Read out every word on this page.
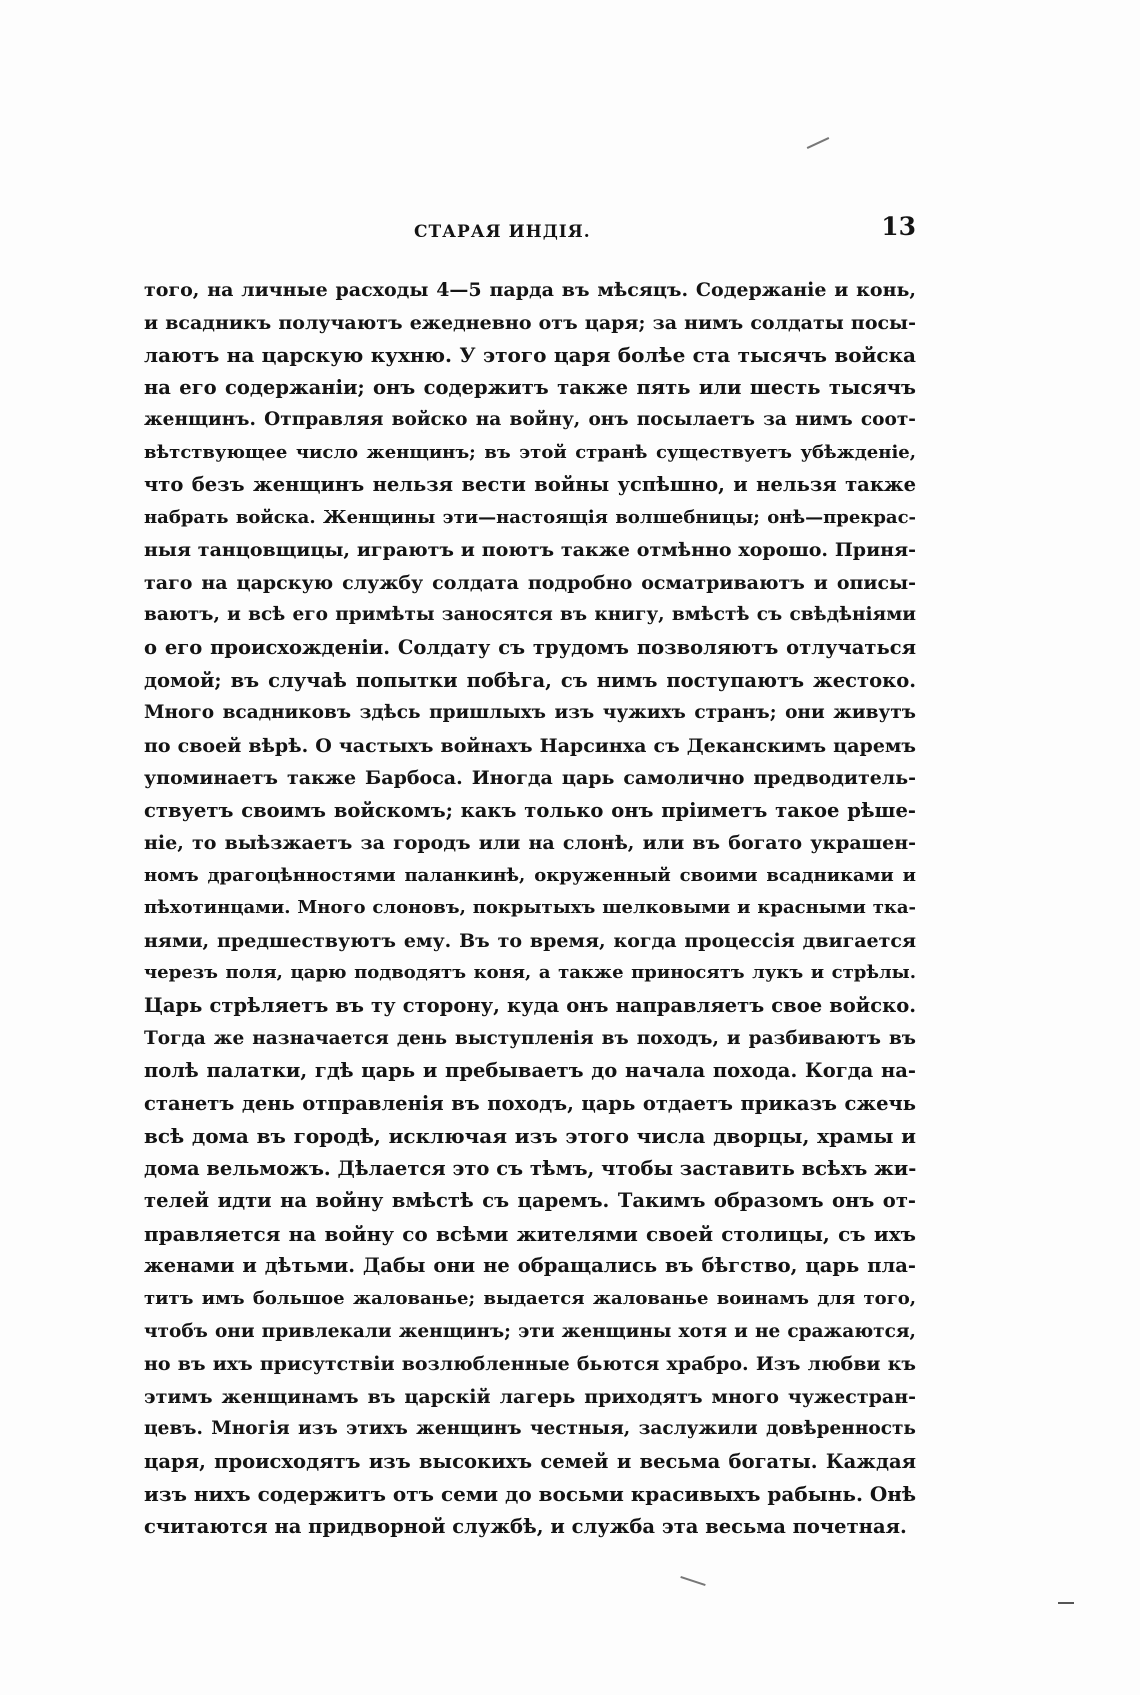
СТАРАЯ ИНДІЯ.	13
того, на личные расходы 4—5 парда въ мѣсяцъ. Содержаніе и конь,
и всадникъ получаютъ ежедневно отъ царя; за нимъ солдаты посы-
лаютъ на царскую кухню. У этого царя болѣе ста тысячъ войска
на его содержаніи; онъ содержитъ также пять или шесть тысячъ
женщинъ. Отправляя войско на войну, онъ посылаетъ за нимъ соот-
вѣтствующее число женщинъ; въ этой странѣ существуетъ убѣжденіе,
что безъ женщинъ нельзя вести войны успѣшно, и нельзя также
набрать войска. Женщины эти—настоящія волшебницы; онѣ—прекрас-
ныя танцовщицы, играютъ и поютъ также отмѣнно хорошо. Приня-
таго на царскую службу солдата подробно осматриваютъ и описы-
ваютъ, и всѣ его примѣты заносятся въ книгу, вмѣстѣ съ свѣдѣніями
о его происхожденіи. Солдату съ трудомъ позволяютъ отлучаться
домой; въ случаѣ попытки побѣга, съ нимъ поступаютъ жестоко.
Много всадниковъ здѣсь пришлыхъ изъ чужихъ странъ; они живутъ
по своей вѣрѣ. О частыхъ войнахъ Нарсинха съ Деканскимъ царемъ
упоминаетъ также Барбоса. Иногда царь самолично предводитель-
ствуетъ своимъ войскомъ; какъ только онъ пріиметъ такое рѣше-
ніе, то выѣзжаетъ за городъ или на слонѣ, или въ богато украшен-
номъ драгоцѣнностями паланкинѣ, окруженный своими всадниками и
пѣхотинцами. Много слоновъ, покрытыхъ шелковыми и красными тка-
нями, предшествуютъ ему. Въ то время, когда процессія двигается
черезъ поля, царю подводятъ коня, а также приносятъ лукъ и стрѣлы.
Царь стрѣляетъ въ ту сторону, куда онъ направляетъ свое войско.
Тогда же назначается день выступленія въ походъ, и разбиваютъ въ
полѣ палатки, гдѣ царь и пребываетъ до начала похода. Когда на-
станетъ день отправленія въ походъ, царь отдаетъ приказъ сжечь
всѣ дома въ городѣ, исключая изъ этого числа дворцы, храмы и
дома вельможъ. Дѣлается это съ тѣмъ, чтобы заставить всѣхъ жи-
телей идти на войну вмѣстѣ съ царемъ. Такимъ образомъ онъ от-
правляется на войну со всѣми жителями своей столицы, съ ихъ
женами и дѣтьми. Дабы они не обращались въ бѣгство, царь пла-
титъ имъ большое жалованье; выдается жалованье воинамъ для того,
чтобъ они привлекали женщинъ; эти женщины хотя и не сражаются,
но въ ихъ присутствіи возлюбленные бьются храбро. Изъ любви къ
этимъ женщинамъ въ царскій лагерь приходятъ много чужестран-
цевъ. Многія изъ этихъ женщинъ честныя, заслужили довѣренность
царя, происходятъ изъ высокихъ семей и весьма богаты. Каждая
изъ нихъ содержитъ отъ семи до восьми красивыхъ рабынь. Онѣ
считаются на придворной службѣ, и служба эта весьма почетная.
